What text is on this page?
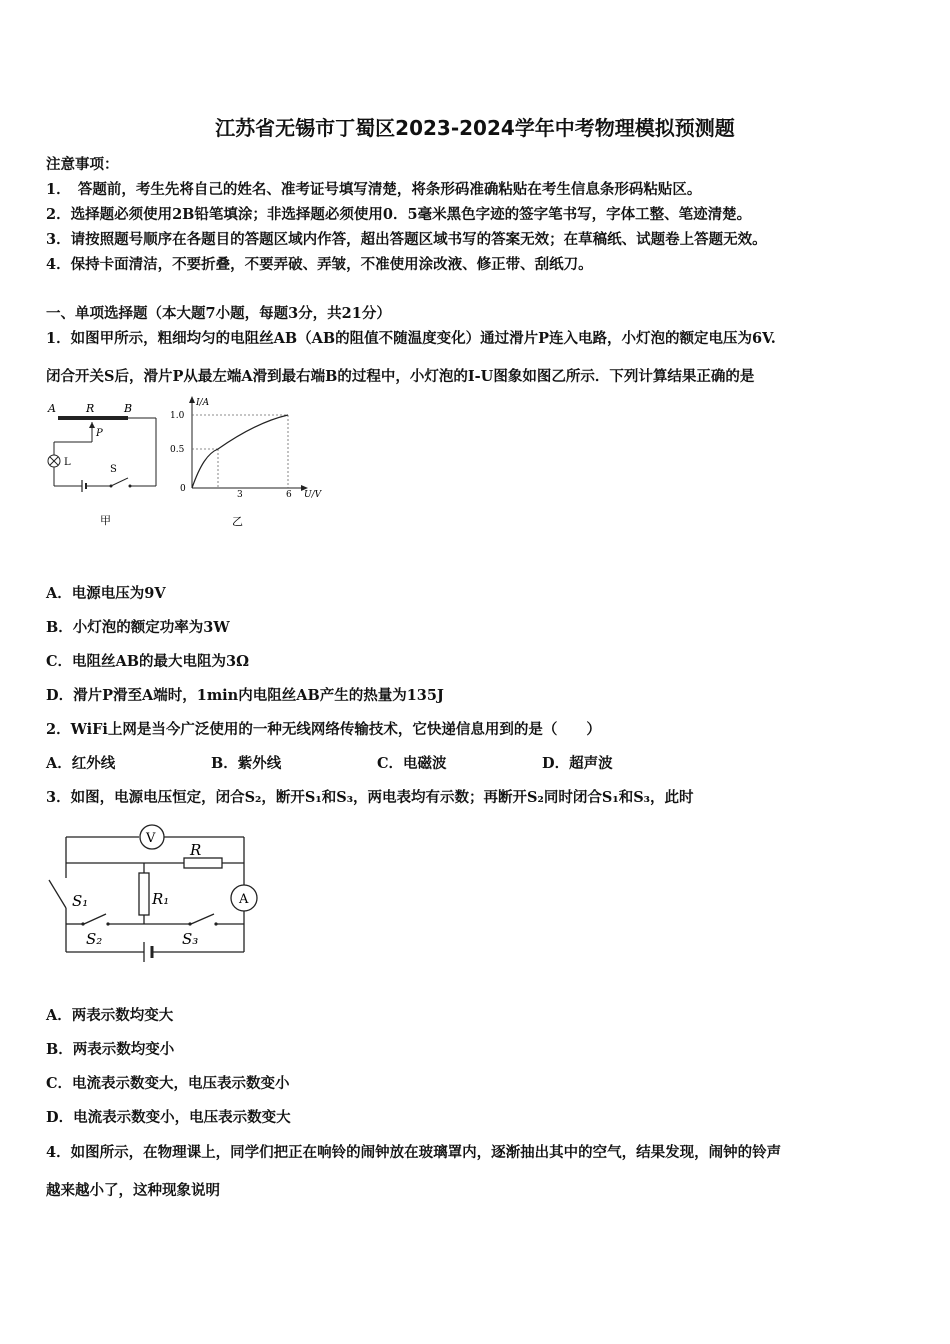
江苏省无锡市丁蜀区2023-2024学年中考物理模拟预测题
注意事项：
1．　答题前，考生先将自己的姓名、准考证号填写清楚，将条形码准确粘贴在考生信息条形码粘贴区。
2．选择题必须使用2B铅笔填涂；非选择题必须使用0．5毫米黑色字迹的签字笔书写，字体工整、笔迹清楚。
3．请按照题号顺序在各题目的答题区域内作答，超出答题区域书写的答案无效；在草稿纸、试题卷上答题无效。
4．保持卡面清洁，不要折叠，不要弄破、弄皱，不准使用涂改液、修正带、刮纸刀。
一、单项选择题（本大题7小题，每题3分，共21分）
1．如图甲所示，粗细均匀的电阻丝AB（AB的阻值不随温度变化）通过滑片P连入电路，小灯泡的额定电压为6V.
闭合开关S后，滑片P从最左端A滑到最右端B的过程中，小灯泡的I-U图象如图乙所示．下列计算结果正确的是
A	R	B
P
L
S
甲
I/A
U/V
1.0
0.5
0
3	6
乙
A．电源电压为9V
B．小灯泡的额定功率为3W
C．电阻丝AB的最大电阻为3Ω
D．滑片P滑至A端时，1min内电阻丝AB产生的热量为135J
2．WiFi上网是当今广泛使用的一种无线网络传输技术，它快递信息用到的是（　　）
A．红外线	B．紫外线	C．电磁波	D．超声波
3．如图，电源电压恒定，闭合S₂，断开S₁和S₃，两电表均有示数；再断开S₂同时闭合S₁和S₃，此时
V
R
S₁	R₁
S₂	S₃
A
A．两表示数均变大
B．两表示数均变小
C．电流表示数变大，电压表示数变小
D．电流表示数变小，电压表示数变大
4．如图所示，在物理课上，同学们把正在响铃的闹钟放在玻璃罩内，逐渐抽出其中的空气，结果发现，闹钟的铃声
越来越小了，这种现象说明
